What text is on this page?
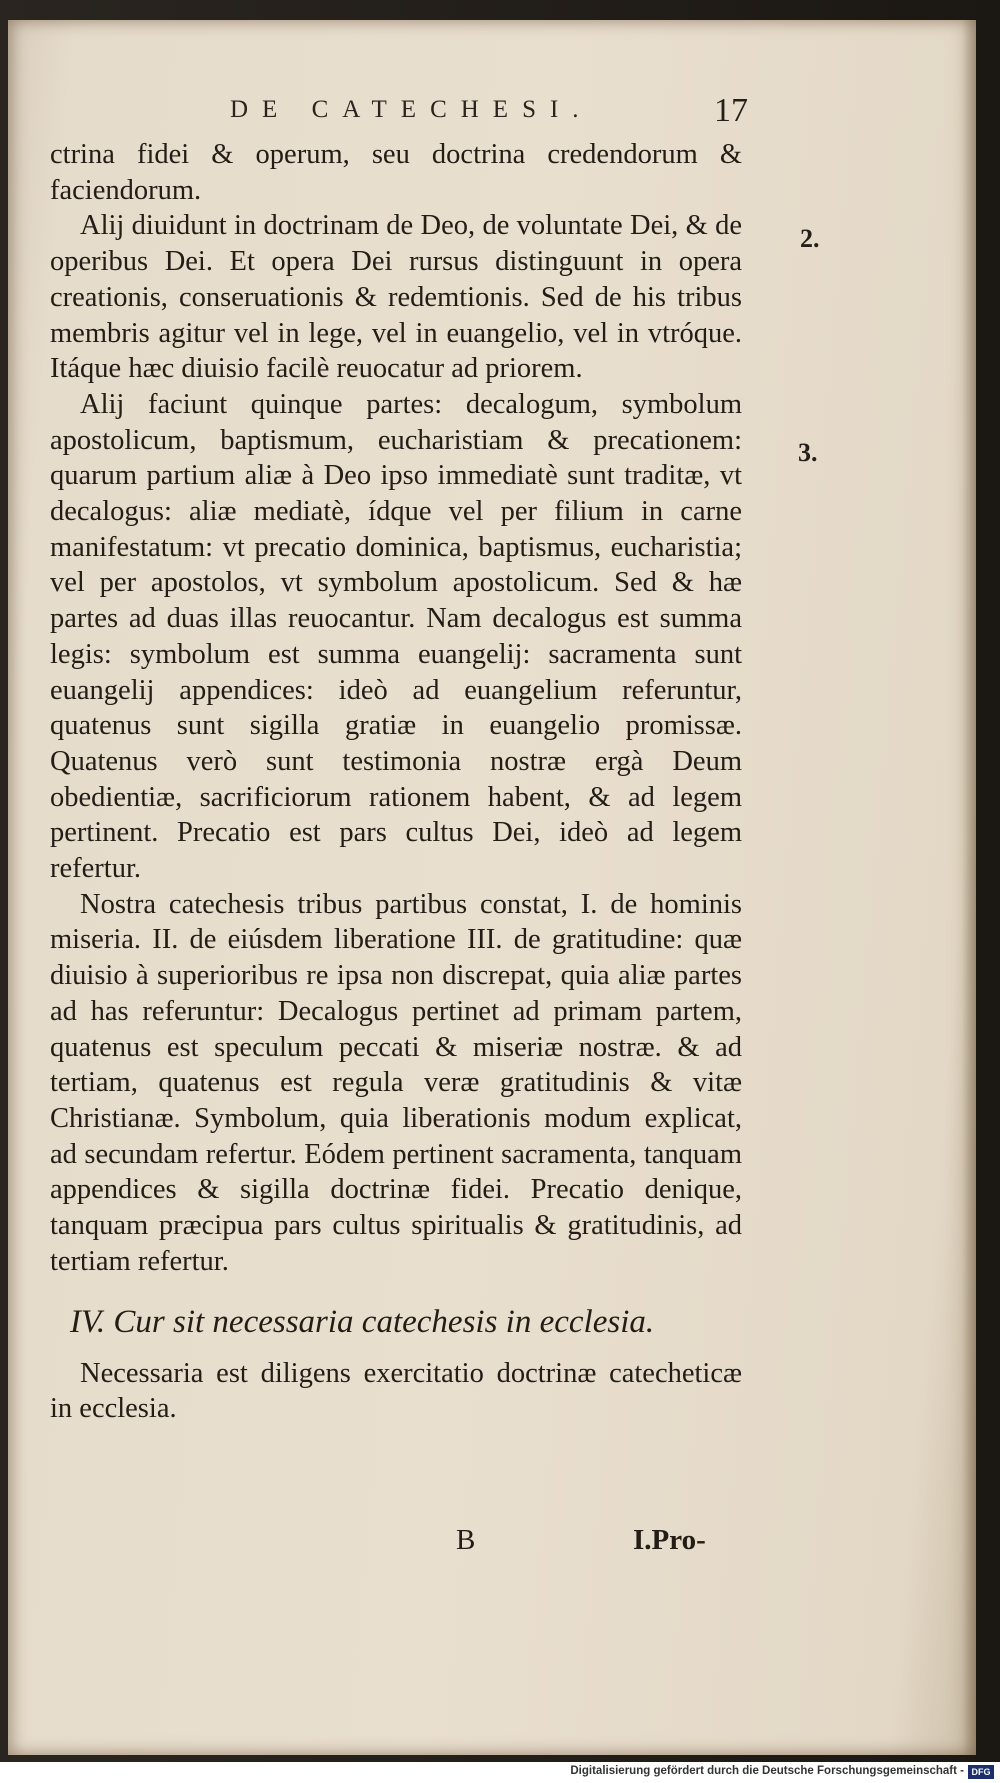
DE CATECHESI.	17
2.
3.

ctrina fidei & operum, seu doctrina credendorum & faciendorum.

Alij diuidunt in doctrinam de Deo, de voluntate Dei, & de operibus Dei. Et opera Dei rursus distinguunt in opera creationis, conseruationis & redemtionis. Sed de his tribus membris agitur vel in lege, vel in euangelio, vel in vtróque. Itáque hæc diuisio facilè reuocatur ad priorem.

Alij faciunt quinque partes: decalogum, symbolum apostolicum, baptismum, eucharistiam & precationem: quarum partium aliæ à Deo ipso immediatè sunt traditæ, vt decalogus: aliæ mediatè, ídque vel per filium in carne manifestatum: vt precatio dominica, baptismus, eucharistia; vel per apostolos, vt symbolum apostolicum. Sed & hæ partes ad duas illas reuocantur. Nam decalogus est summa legis: symbolum est summa euangelij: sacramenta sunt euangelij appendices: ideò ad euangelium referuntur, quatenus sunt sigilla gratiæ in euangelio promissæ. Quatenus verò sunt testimonia nostræ ergà Deum obedientiæ, sacrificiorum rationem habent, & ad legem pertinent. Precatio est pars cultus Dei, ideò ad legem refertur.

Nostra catechesis tribus partibus constat, I. de hominis miseria. II. de eiúsdem liberatione III. de gratitudine: quæ diuisio à superioribus re ipsa non discrepat, quia aliæ partes ad has referuntur: Decalogus pertinet ad primam partem, quatenus est speculum peccati & miseriæ nostræ. & ad tertiam, quatenus est regula veræ gratitudinis & vitæ Christianæ. Symbolum, quia liberationis modum explicat, ad secundam refertur. Eódem pertinent sacramenta, tanquam appendices & sigilla doctrinæ fidei. Precatio denique, tanquam præcipua pars cultus spiritualis & gratitudinis, ad tertiam refertur.

IV. Cur sit necessaria catechesis in ecclesia.

Necessaria est diligens exercitatio doctrinæ catecheticæ in ecclesia.

B	I.Pro-
Digitalisierung gefördert durch die Deutsche Forschungsgemeinschaft - DFG
